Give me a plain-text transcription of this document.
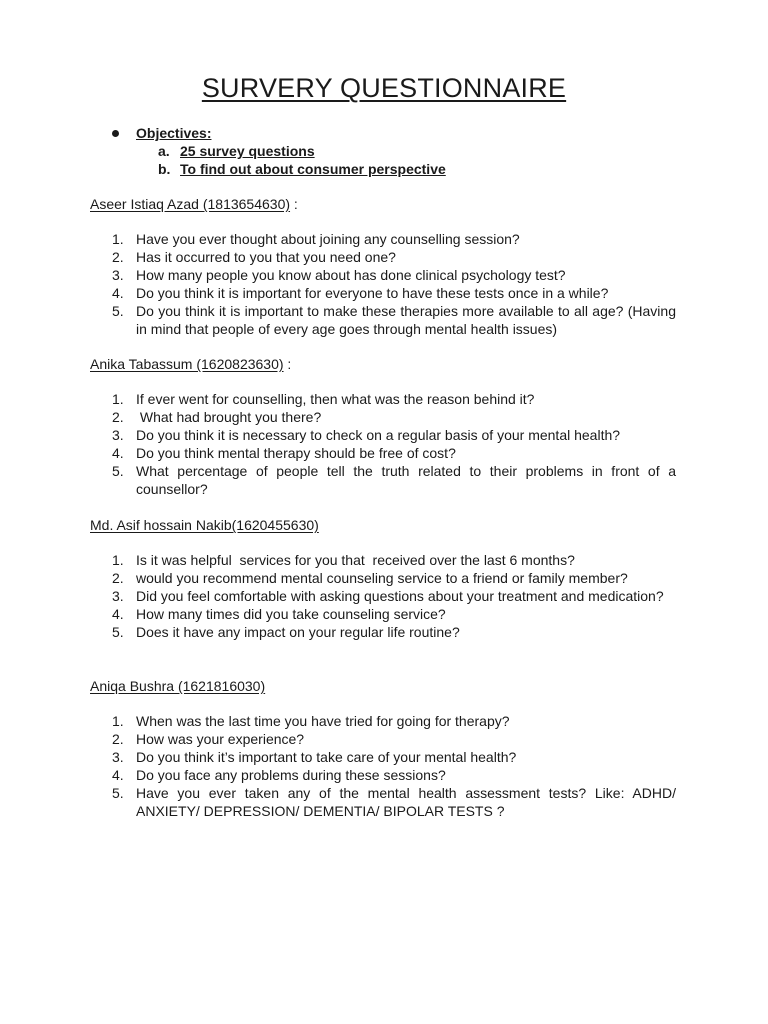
SURVERY QUESTIONNAIRE
Objectives:
a. 25 survey questions
b. To find out about consumer perspective

Aseer Istiaq Azad (1813654630) :

1. Have you ever thought about joining any counselling session?
2. Has it occurred to you that you need one?
3. How many people you know about has done clinical psychology test?
4. Do you think it is important for everyone to have these tests once in a while?
5. Do you think it is important to make these therapies more available to all age? (Having in mind that people of every age goes through mental health issues)

Anika Tabassum (1620823630) :

1. If ever went for counselling, then what was the reason behind it?
2. What had brought you there?
3. Do you think it is necessary to check on a regular basis of your mental health?
4. Do you think mental therapy should be free of cost?
5. What percentage of people tell the truth related to their problems in front of a counsellor?

Md. Asif hossain Nakib(1620455630)

1. Is it was helpful  services for you that  received over the last 6 months?
2. would you recommend mental counseling service to a friend or family member?
3. Did you feel comfortable with asking questions about your treatment and medication?
4. How many times did you take counseling service?
5. Does it have any impact on your regular life routine?

Aniqa Bushra (1621816030)

1. When was the last time you have tried for going for therapy?
2. How was your experience?
3. Do you think it’s important to take care of your mental health?
4. Do you face any problems during these sessions?
5. Have you ever taken any of the mental health assessment tests? Like: ADHD/ ANXIETY/ DEPRESSION/ DEMENTIA/ BIPOLAR TESTS ?
